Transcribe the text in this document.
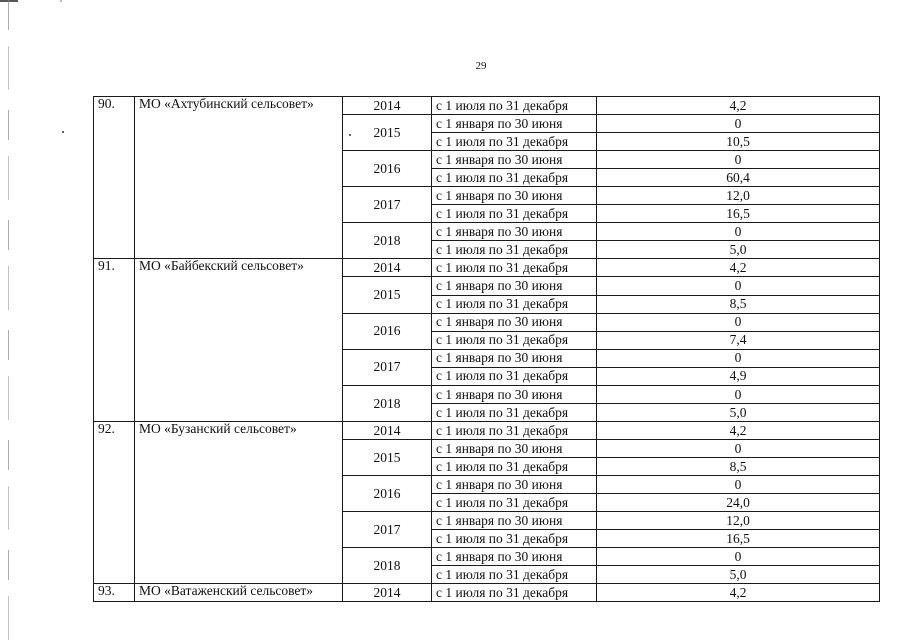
29
90.	МО «Ахтубинский сельсовет»	2014	с 1 июля по 31 декабря	4,2
		2015	с 1 января по 30 июня	0
			с 1 июля по 31 декабря	10,5
		2016	с 1 января по 30 июня	0
			с 1 июля по 31 декабря	60,4
		2017	с 1 января по 30 июня	12,0
			с 1 июля по 31 декабря	16,5
		2018	с 1 января по 30 июня	0
			с 1 июля по 31 декабря	5,0
91.	МО «Байбекский сельсовет»	2014	с 1 июля по 31 декабря	4,2
		2015	с 1 января по 30 июня	0
			с 1 июля по 31 декабря	8,5
		2016	с 1 января по 30 июня	0
			с 1 июля по 31 декабря	7,4
		2017	с 1 января по 30 июня	0
			с 1 июля по 31 декабря	4,9
		2018	с 1 января по 30 июня	0
			с 1 июля по 31 декабря	5,0
92.	МО «Бузанский сельсовет»	2014	с 1 июля по 31 декабря	4,2
		2015	с 1 января по 30 июня	0
			с 1 июля по 31 декабря	8,5
		2016	с 1 января по 30 июня	0
			с 1 июля по 31 декабря	24,0
		2017	с 1 января по 30 июня	12,0
			с 1 июля по 31 декабря	16,5
		2018	с 1 января по 30 июня	0
			с 1 июля по 31 декабря	5,0
93.	МО «Ватаженский сельсовет»	2014	с 1 июля по 31 декабря	4,2
